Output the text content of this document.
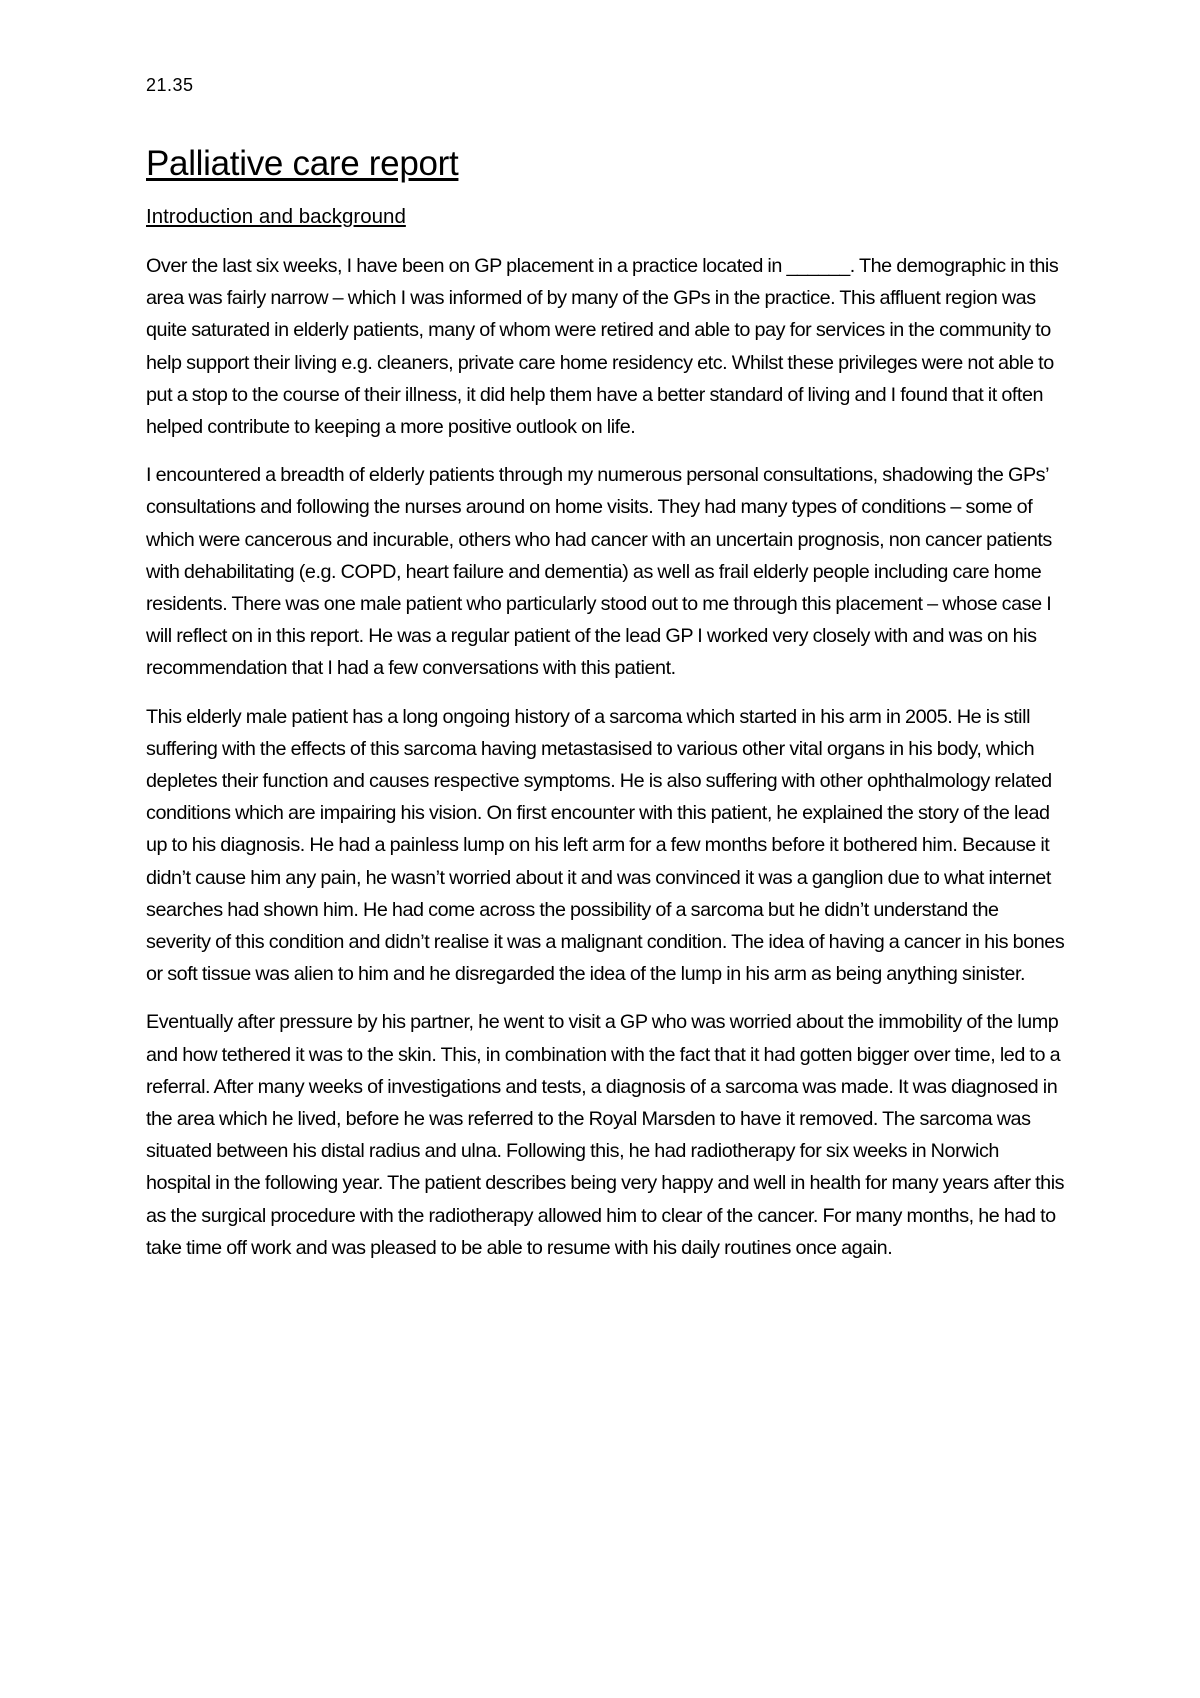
21.35

Palliative care report
Introduction and background

Over the last six weeks, I have been on GP placement in a practice located in ______. The demographic in this area was fairly narrow – which I was informed of by many of the GPs in the practice. This affluent region was quite saturated in elderly patients, many of whom were retired and able to pay for services in the community to help support their living e.g. cleaners, private care home residency etc. Whilst these privileges were not able to put a stop to the course of their illness, it did help them have a better standard of living and I found that it often helped contribute to keeping a more positive outlook on life.

I encountered a breadth of elderly patients through my numerous personal consultations, shadowing the GPs’ consultations and following the nurses around on home visits. They had many types of conditions – some of which were cancerous and incurable, others who had cancer with an uncertain prognosis, non cancer patients with dehabilitating (e.g. COPD, heart failure and dementia) as well as frail elderly people including care home residents. There was one male patient who particularly stood out to me through this placement – whose case I will reflect on in this report. He was a regular patient of the lead GP I worked very closely with and was on his recommendation that I had a few conversations with this patient.

This elderly male patient has a long ongoing history of a sarcoma which started in his arm in 2005. He is still suffering with the effects of this sarcoma having metastasised to various other vital organs in his body, which depletes their function and causes respective symptoms. He is also suffering with other ophthalmology related conditions which are impairing his vision. On first encounter with this patient, he explained the story of the lead up to his diagnosis. He had a painless lump on his left arm for a few months before it bothered him. Because it didn’t cause him any pain, he wasn’t worried about it and was convinced it was a ganglion due to what internet searches had shown him. He had come across the possibility of a sarcoma but he didn’t understand the severity of this condition and didn’t realise it was a malignant condition. The idea of having a cancer in his bones or soft tissue was alien to him and he disregarded the idea of the lump in his arm as being anything sinister.

Eventually after pressure by his partner, he went to visit a GP who was worried about the immobility of the lump and how tethered it was to the skin. This, in combination with the fact that it had gotten bigger over time, led to a referral. After many weeks of investigations and tests, a diagnosis of a sarcoma was made. It was diagnosed in the area which he lived, before he was referred to the Royal Marsden to have it removed. The sarcoma was situated between his distal radius and ulna. Following this, he had radiotherapy for six weeks in Norwich hospital in the following year. The patient describes being very happy and well in health for many years after this as the surgical procedure with the radiotherapy allowed him to clear of the cancer. For many months, he had to take time off work and was pleased to be able to resume with his daily routines once again.
